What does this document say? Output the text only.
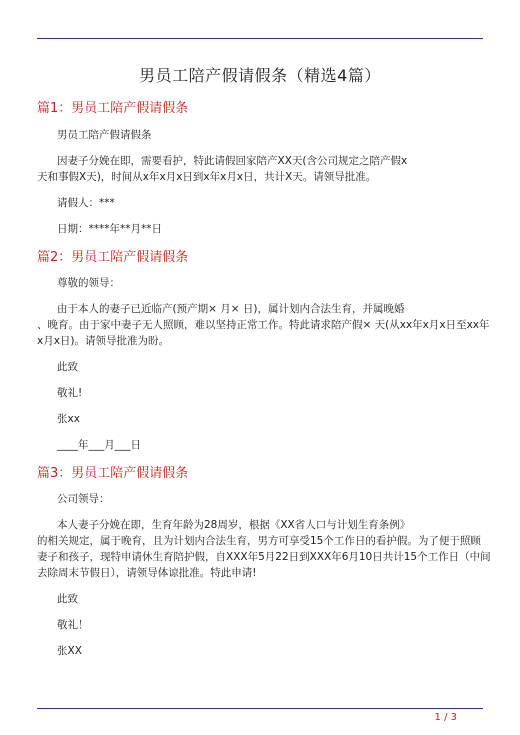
男员工陪产假请假条（精选4篇）
篇1：男员工陪产假请假条
男员工陪产假请假条
因妻子分娩在即，需要看护，特此请假回家陪产XX天(含公司规定之陪产假x
天和事假X天)，时间从x年x月x日到x年x月x日，共计X天。请领导批准。
请假人：***
日期：****年**月**日
篇2：男员工陪产假请假条
尊敬的领导：
由于本人的妻子已近临产(预产期× 月× 日)，属计划内合法生育，并属晚婚
、晚育。由于家中妻子无人照顾，难以坚持正常工作。特此请求陪产假× 天(从xx年x月x日至xx年
x月x日)。请领导批准为盼。
此致
敬礼!
张xx
____年___月___日
篇3：男员工陪产假请假条
公司领导：
本人妻子分娩在即，生育年龄为28周岁，根据《XX省人口与计划生育条例》
的相关规定，属于晚育，且为计划内合法生育，男方可享受15个工作日的看护假。为了便于照顾
妻子和孩子，现特申请休生育陪护假，自XXX年5月22日到XXX年6月10日共计15个工作日（中间
去除周末节假日），请领导体谅批准。特此申请!
此致
敬礼！
张XX
1 / 3
